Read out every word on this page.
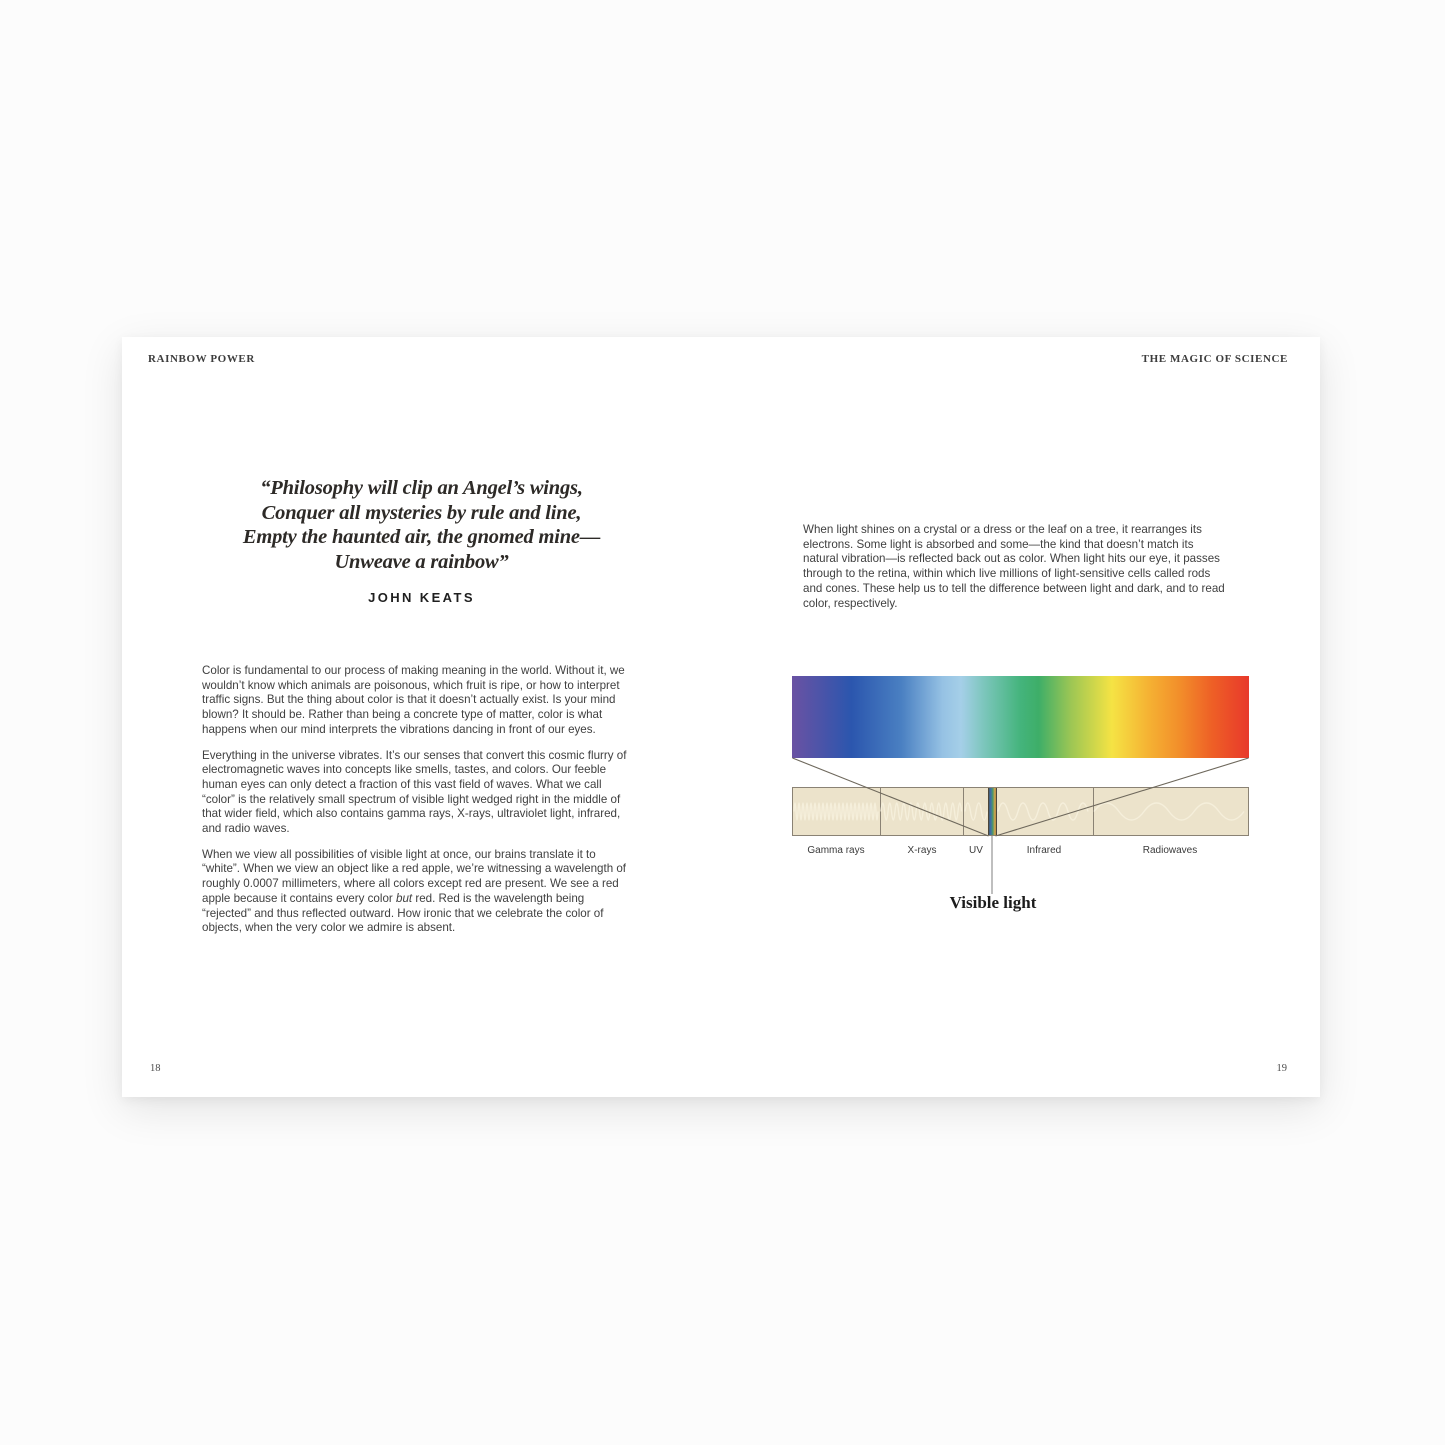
RAINBOW POWER
“Philosophy will clip an Angel’s wings,
Conquer all mysteries by rule and line,
Empty the haunted air, the gnomed mine—
Unweave a rainbow”
JOHN KEATS

Color is fundamental to our process of making meaning in the world. Without it, we wouldn’t know which animals are poisonous, which fruit is ripe, or how to interpret traffic signs. But the thing about color is that it doesn’t actually exist. Is your mind blown? It should be. Rather than being a concrete type of matter, color is what happens when our mind interprets the vibrations dancing in front of our eyes.

Everything in the universe vibrates. It’s our senses that convert this cosmic flurry of electromagnetic waves into concepts like smells, tastes, and colors. Our feeble human eyes can only detect a fraction of this vast field of waves. What we call “color” is the relatively small spectrum of visible light wedged right in the middle of that wider field, which also contains gamma rays, X-rays, ultraviolet light, infrared, and radio waves.

When we view all possibilities of visible light at once, our brains translate it to “white”. When we view an object like a red apple, we’re witnessing a wavelength of roughly 0.0007 millimeters, where all colors except red are present. We see a red apple because it contains every color but red. Red is the wavelength being “rejected” and thus reflected outward. How ironic that we celebrate the color of objects, when the very color we admire is absent.

18
THE MAGIC OF SCIENCE

When light shines on a crystal or a dress or the leaf on a tree, it rearranges its electrons. Some light is absorbed and some—the kind that doesn’t match its natural vibration—is reflected back out as color. When light hits our eye, it passes through to the retina, within which live millions of light-sensitive cells called rods and cones. These help us to tell the difference between light and dark, and to read color, respectively.

Gamma rays	X-rays	UV	Infrared	Radiowaves
Visible light
19
